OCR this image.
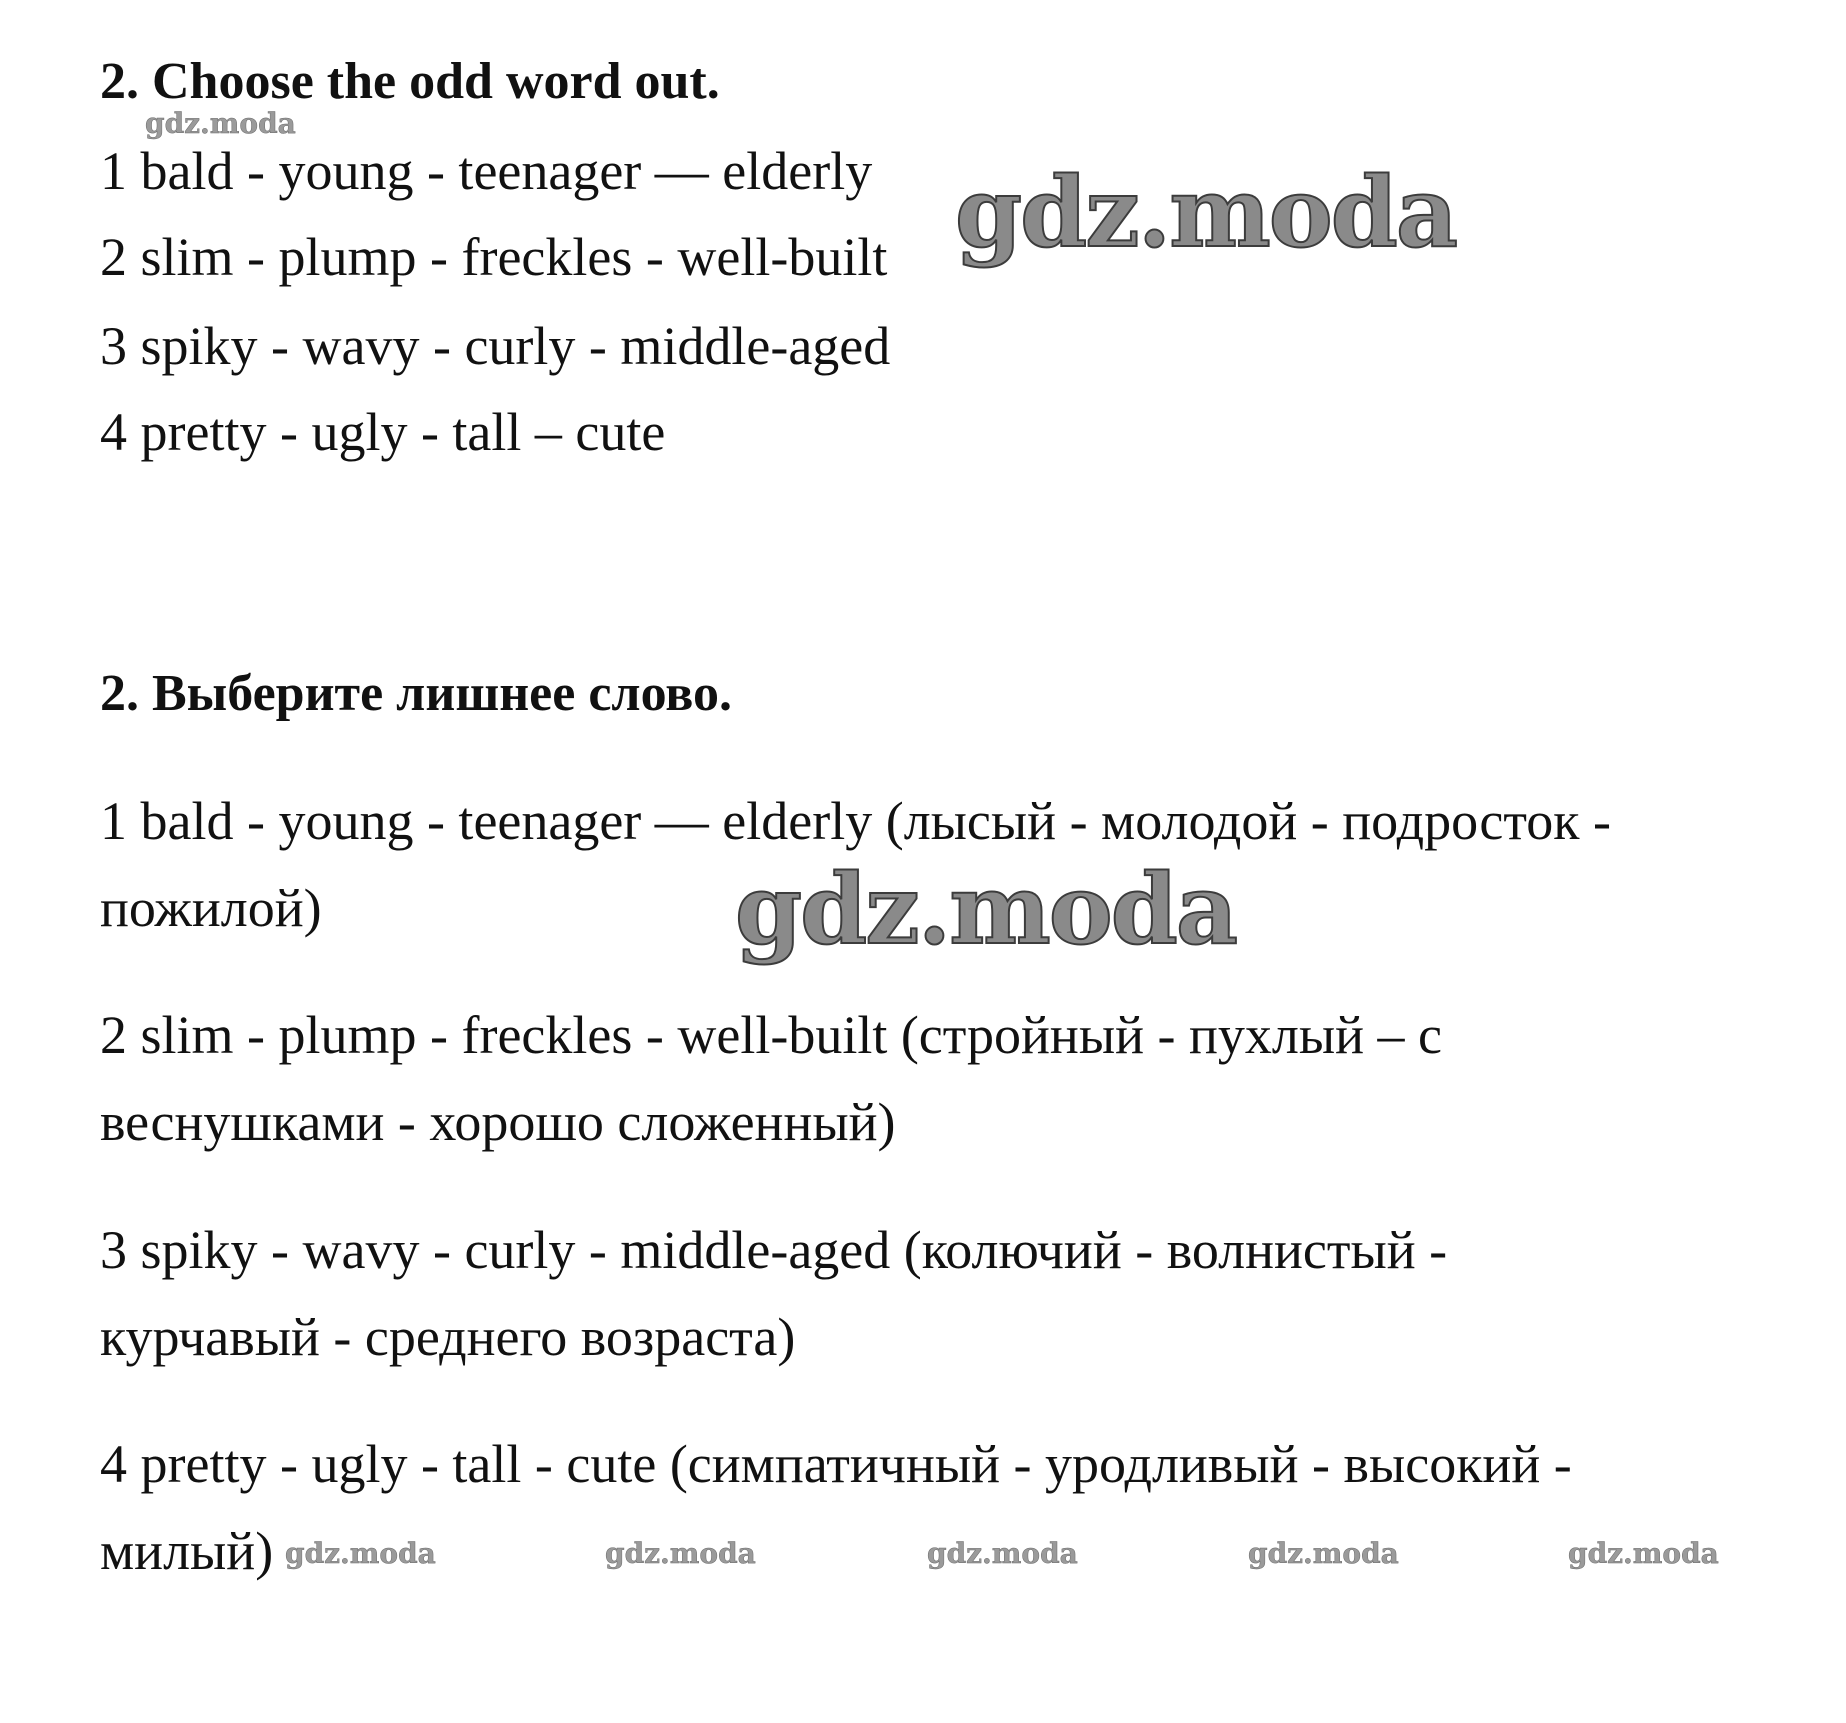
2. Choose the odd word out.
gdz.moda

1 bald - young - teenager — elderly

2 slim - plump - freckles - well-built

3 spiky - wavy - curly - middle-aged

4 pretty - ugly - tall – cute

gdz.moda
2. Выберите лишнее слово.

1 bald - young - teenager — elderly (лысый - молодой - подросток -

пожилой)	gdz.moda

2 slim - plump - freckles - well-built (стройный - пухлый – с

веснушками - хорошо сложенный)

3 spiky - wavy - curly - middle-aged (колючий - волнистый -

курчавый - среднего возраста)

4 pretty - ugly - tall - cute (симпатичный - уродливый - высокий -

милый) gdz.moda	gdz.moda	gdz.moda	gdz.moda	gdz.moda
